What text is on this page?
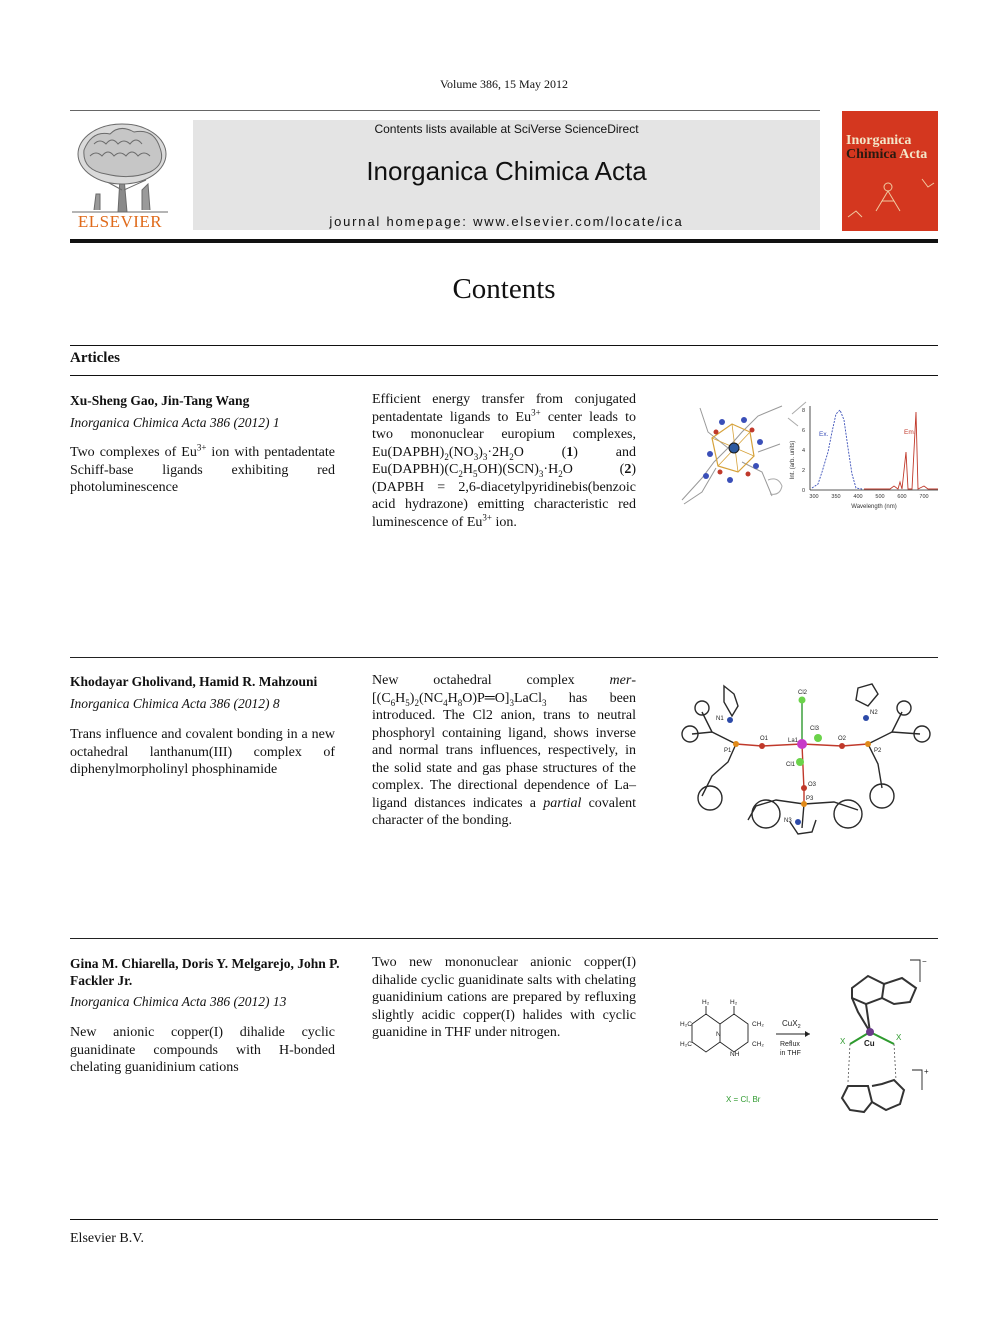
Volume 386, 15 May 2012
ELSEVIER
Contents lists available at SciVerse ScienceDirect
Inorganica Chimica Acta
journal homepage: www.elsevier.com/locate/ica
Inorganica
Chimica Acta
Contents
Articles
Xu-Sheng Gao, Jin-Tang Wang
Inorganica Chimica Acta 386 (2012) 1
Two complexes of $Eu^{3+}$ ion with pentadentate Schiff-base ligands exhibiting red photoluminescence
Efficient energy transfer from conjugated pentadentate ligands to $Eu^{3+}$ center leads to two mononuclear europium complexes, $Eu(DAPBH)_2(NO_3)_3\cdot 2H_2O$ (1) and $Eu(DAPBH)(C_2H_5OH)(SCN)_3\cdot H_2O$ (2) (DAPBH = 2,6-diacetylpyridinebis(benzoic acid hydrazone) emitting characteristic red luminescence of $Eu^{3+}$ ion.
0
2
4
6
8
300 350 400 500 600 700
Int. (arb. units)
Wavelength (nm)
Ex.	Em.
Khodayar Gholivand, Hamid R. Mahzouni
Inorganica Chimica Acta 386 (2012) 8
Trans influence and covalent bonding in a new octahedral lanthanum(III) complex of diphenylmorpholinyl phosphinamide
New octahedral complex mer-$[(C_6H_5)_2(NC_4H_8O)P═O]_3LaCl_3$ has been introduced. The Cl2 anion, trans to neutral phosphoryl containing ligand, shows inverse and normal trans influences, respectively, in the solid state and gas phase structures of the complex. The directional dependence of La–ligand distances indicates a partial covalent character of the bonding.
Cl2
Cl3
La1
O1	O2
O3
Cl1
P1	P2
P3
N1
N2
N3
Gina M. Chiarella, Doris Y. Melgarejo, John P. Fackler Jr.
Inorganica Chimica Acta 386 (2012) 13
New anionic copper(I) dihalide cyclic guanidinate compounds with H-bonded chelating guanidinium cations
Two new mononuclear anionic copper(I) dihalide cyclic guanidinate salts with chelating guanidinium cations are prepared by refluxing slightly acidic copper(I) halides with cyclic guanidine in THF under nitrogen.
H₂	H₂
H₂C
H₂C
CH₂
CH₂
N
NH
CuX$_2$
Reflux
in THF
X = Cl, Br
Cu
X	X
−
+
Elsevier B.V.
